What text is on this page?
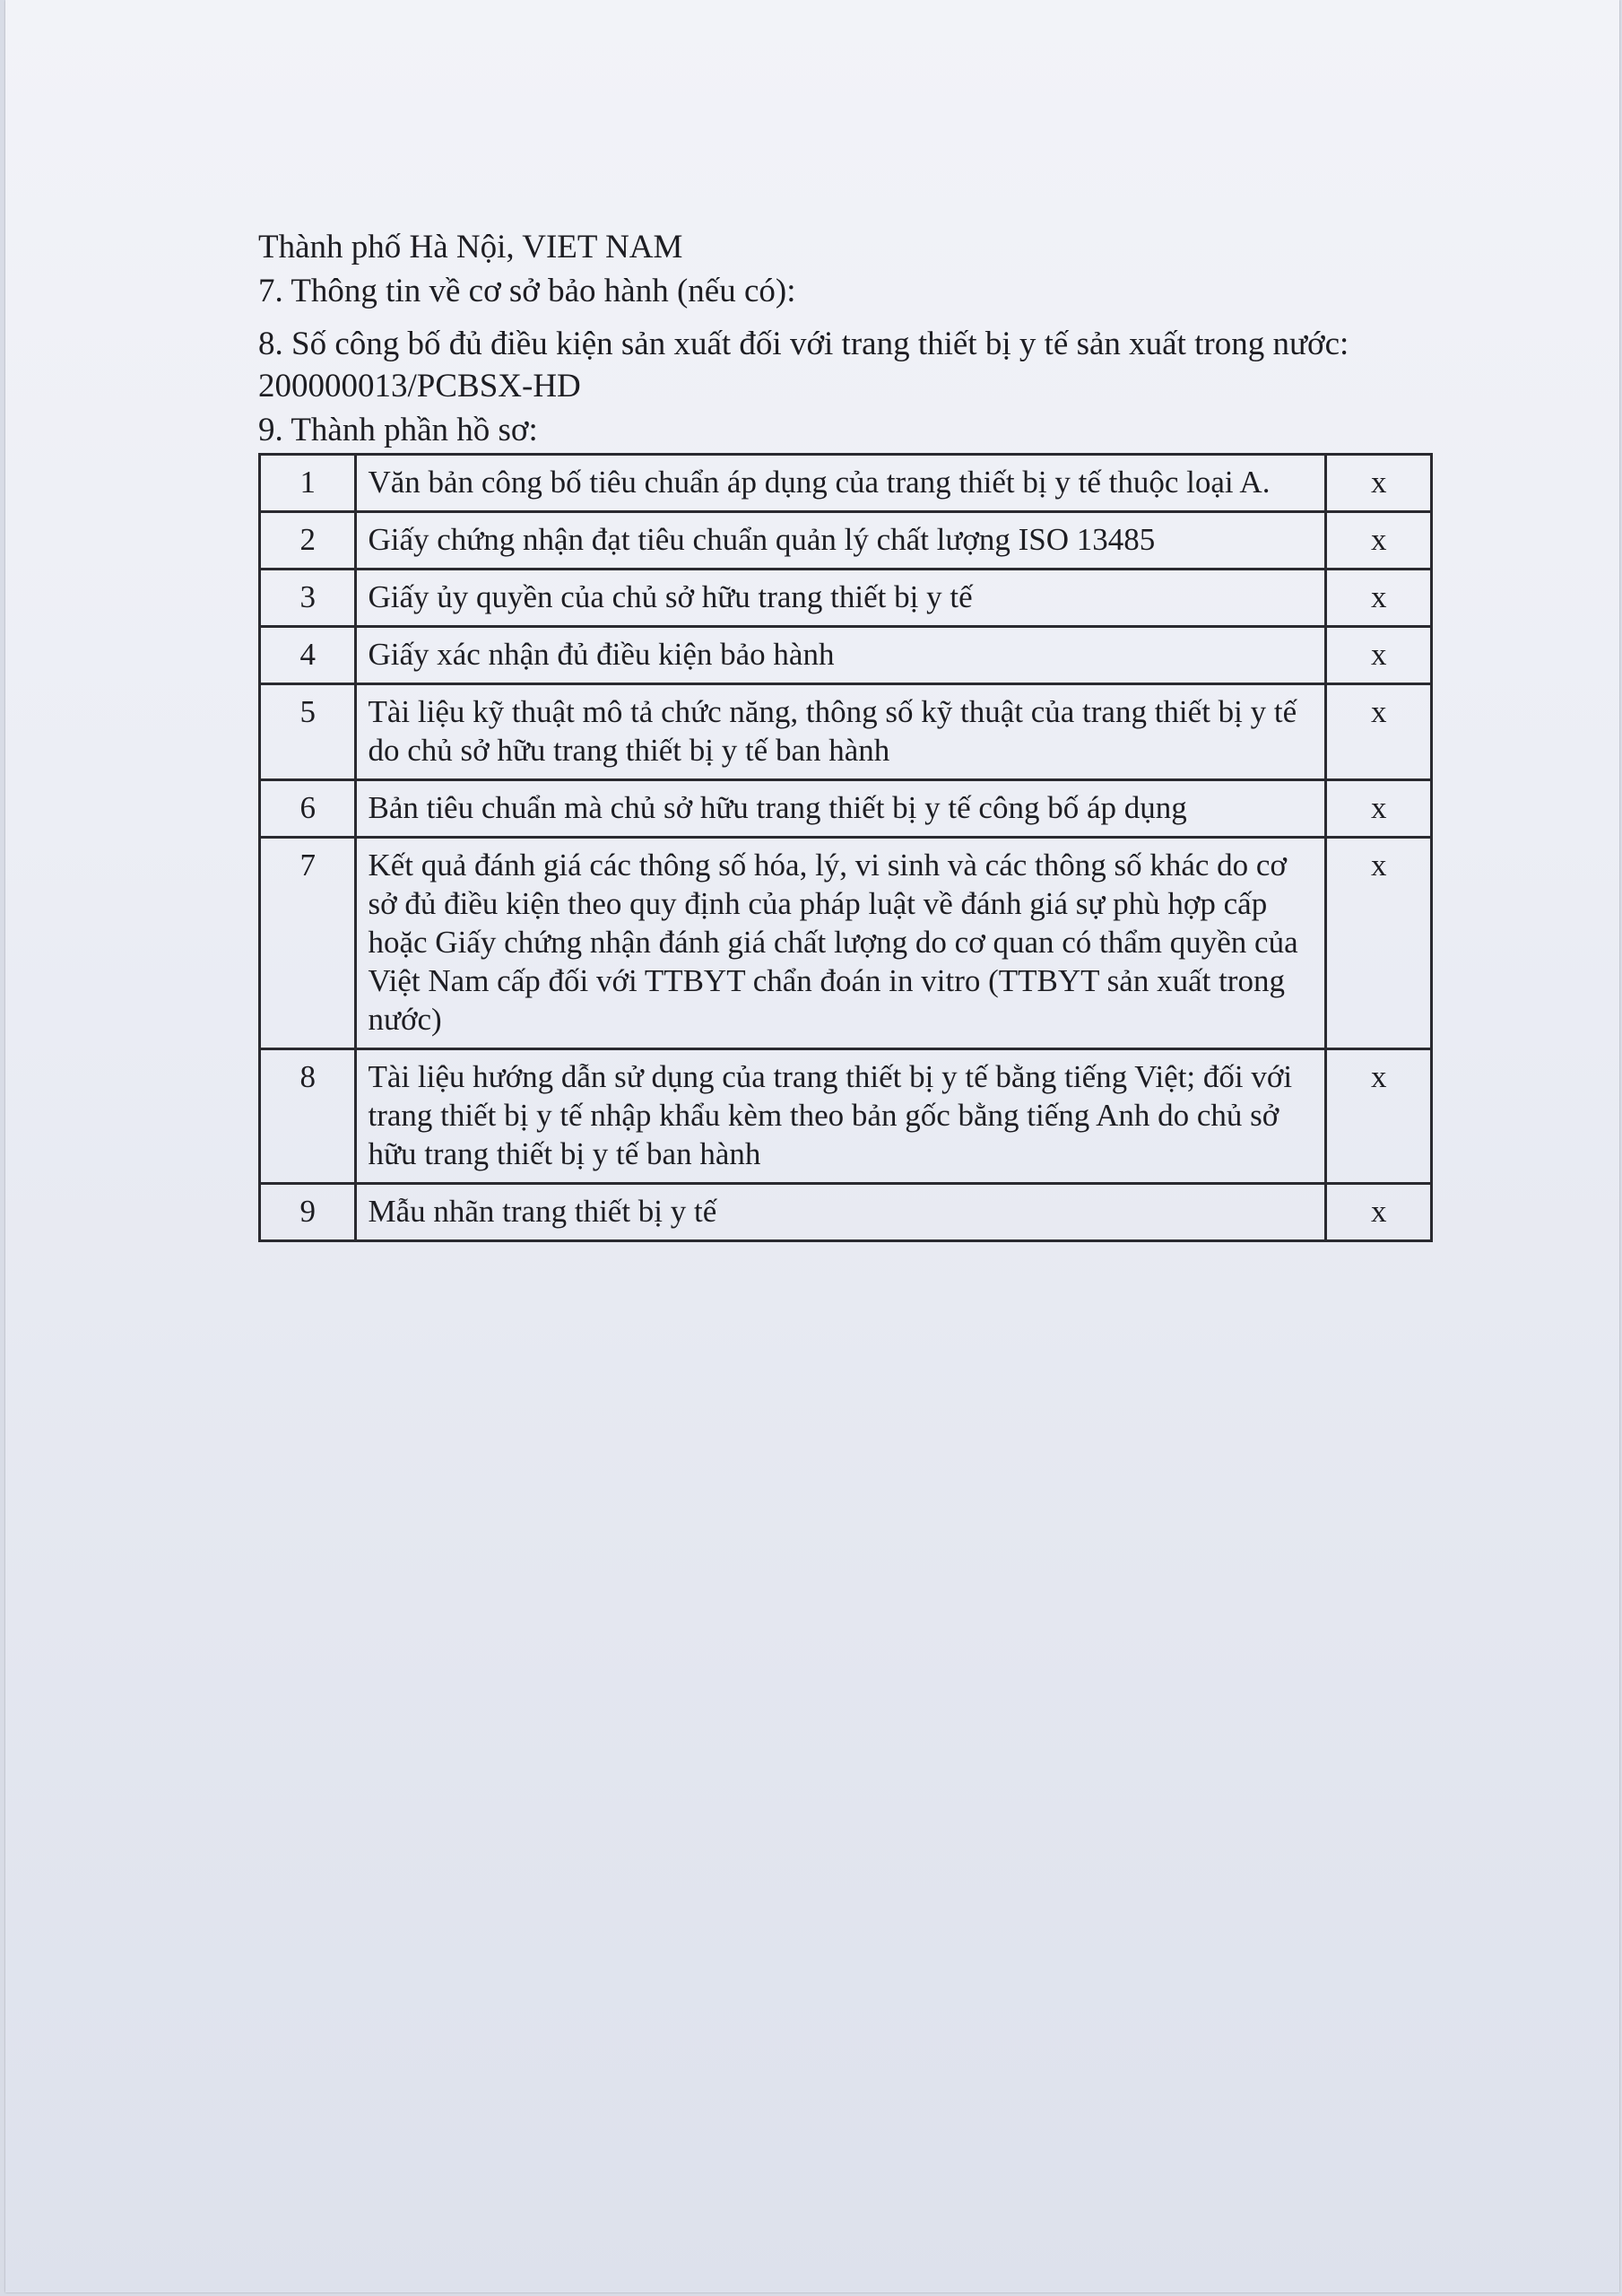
Thành phố Hà Nội, VIET NAM
7. Thông tin về cơ sở bảo hành (nếu có):
8. Số công bố đủ điều kiện sản xuất đối với trang thiết bị y tế sản xuất trong nước: 200000013/PCBSX-HD
9. Thành phần hồ sơ:
1	Văn bản công bố tiêu chuẩn áp dụng của trang thiết bị y tế thuộc loại A.	x
2	Giấy chứng nhận đạt tiêu chuẩn quản lý chất lượng ISO 13485	x
3	Giấy ủy quyền của chủ sở hữu trang thiết bị y tế	x
4	Giấy xác nhận đủ điều kiện bảo hành	x
5	Tài liệu kỹ thuật mô tả chức năng, thông số kỹ thuật của trang thiết bị y tế do chủ sở hữu trang thiết bị y tế ban hành	x
6	Bản tiêu chuẩn mà chủ sở hữu trang thiết bị y tế công bố áp dụng	x
7	Kết quả đánh giá các thông số hóa, lý, vi sinh và các thông số khác do cơ sở đủ điều kiện theo quy định của pháp luật về đánh giá sự phù hợp cấp hoặc Giấy chứng nhận đánh giá chất lượng do cơ quan có thẩm quyền của Việt Nam cấp đối với TTBYT chẩn đoán in vitro (TTBYT sản xuất trong nước)	x
8	Tài liệu hướng dẫn sử dụng của trang thiết bị y tế bằng tiếng Việt; đối với trang thiết bị y tế nhập khẩu kèm theo bản gốc bằng tiếng Anh do chủ sở hữu trang thiết bị y tế ban hành	x
9	Mẫu nhãn trang thiết bị y tế	x
